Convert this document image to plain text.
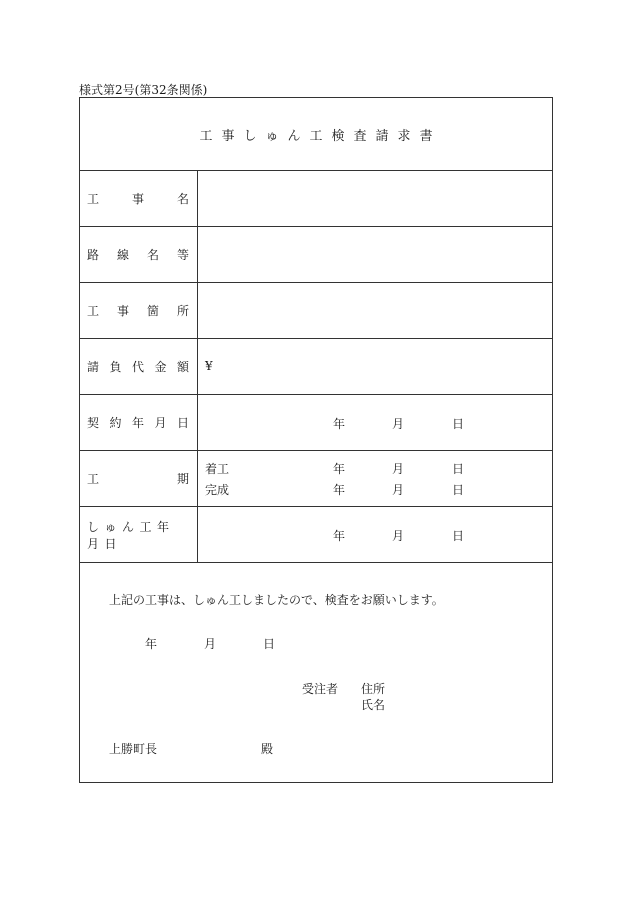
様式第2号(第32条関係)
工事しゅん工検査請求書
工	事	名
路 線 名 等
工 事 箇 所
請 負 代 金 額 ¥
契 約 年 月 日	年	月	日
工	期
着工	年	月	日
完成	年	月	日
しゅん工年月日
年	月	日
上記の工事は、しゅん工しましたので、検査をお願いします。
年	月	日
受注者 住所
氏名
上勝町長	殿
